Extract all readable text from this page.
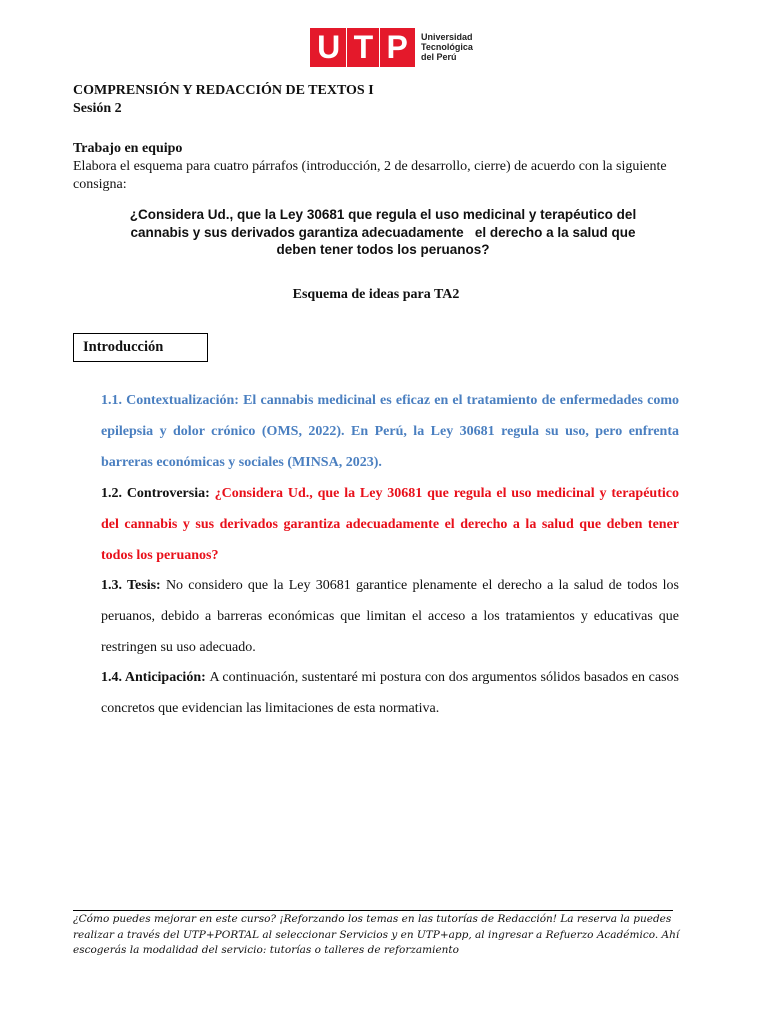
U T P Universidad
Tecnológica
del Perú
COMPRENSIÓN Y REDACCIÓN DE TEXTOS I
Sesión 2
Trabajo en equipo
Elabora el esquema para cuatro párrafos (introducción, 2 de desarrollo, cierre) de acuerdo con la siguiente consigna:
¿Considera Ud., que la Ley 30681 que regula el uso medicinal y terapéutico del
cannabis y sus derivados garantiza adecuadamente   el derecho a la salud que
deben tener todos los peruanos?
Esquema de ideas para TA2
Introducción
1.1. Contextualización: El cannabis medicinal es eficaz en el tratamiento de enfermedades como epilepsia y dolor crónico (OMS, 2022). En Perú, la Ley 30681 regula su uso, pero enfrenta barreras económicas y sociales (MINSA, 2023).
1.2. Controversia: ¿Considera Ud., que la Ley 30681 que regula el uso medicinal y terapéutico del cannabis y sus derivados garantiza adecuadamente el derecho a la salud que deben tener todos los peruanos?
1.3. Tesis: No considero que la Ley 30681 garantice plenamente el derecho a la salud de todos los peruanos, debido a barreras económicas que limitan el acceso a los tratamientos y educativas que restringen su uso adecuado.
1.4. Anticipación: A continuación, sustentaré mi postura con dos argumentos sólidos basados en casos concretos que evidencian las limitaciones de esta normativa.
¿Cómo puedes mejorar en este curso? ¡Reforzando los temas en las tutorías de Redacción! La reserva la puedes realizar a través del UTP+PORTAL al seleccionar Servicios y en UTP+app, al ingresar a Refuerzo Académico. Ahí escogerás la modalidad del servicio: tutorías o talleres de reforzamiento
